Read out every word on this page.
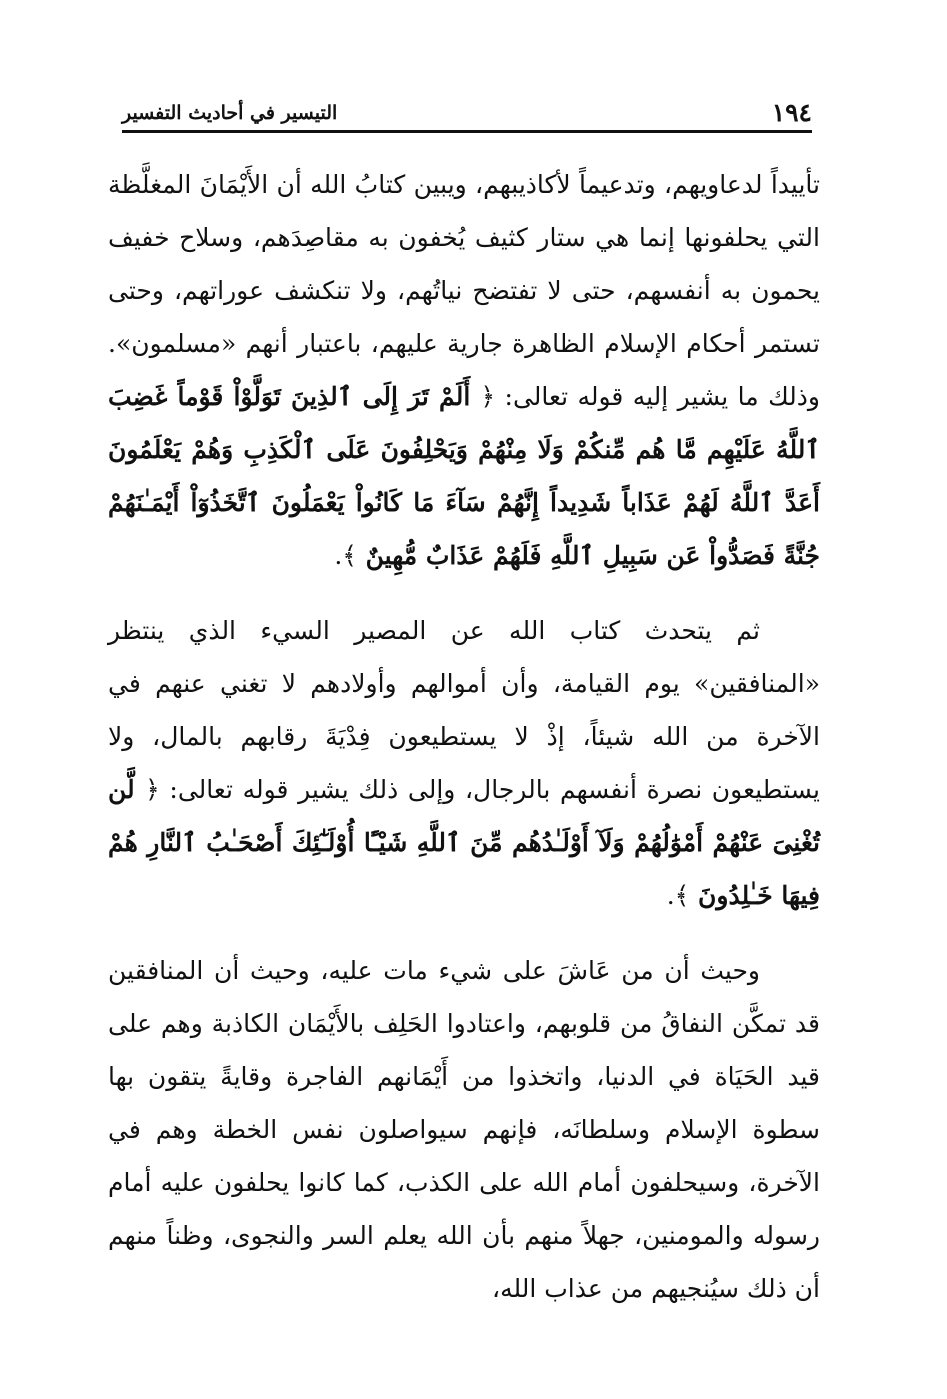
١٩٤
التيسير في أحاديث التفسير

تأييداً لدعاويهم، وتدعيماً لأكاذيبهم، ويبين كتابُ الله أن الأَيْمَانَ المغلَّظة التي يحلفونها إنما هي ستار كثيف يُخفون به مقاصِدَهم، وسلاح خفيف يحمون به أنفسهم، حتى لا تفتضح نياتُهم، ولا تنكشف عوراتهم، وحتى تستمر أحكام الإسلام الظاهرة جارية عليهم، باعتبار أنهم «مسلمون». وذلك ما يشير إليه قوله تعالى: ﴿ أَلَمْ تَرَ إِلَى ٱلذِينَ تَوَلَّوْاْ قَوْماً غَضِبَ ٱللَّهُ عَلَيْهِم مَّا هُم مِّنكُمْ وَلَا مِنْهُمْ وَيَحْلِفُونَ عَلَى ٱلْكَذِبِ وَهُمْ يَعْلَمُونَ أَعَدَّ ٱللَّهُ لَهُمْ عَذَاباً شَدِيداً إِنَّهُمْ سَآءَ مَا كَانُواْ يَعْمَلُونَ ٱتَّخَذُوٓاْ أَيْمَـٰنَهُمْ جُنَّةً فَصَدُّواْ عَن سَبِيلِ ٱللَّهِ فَلَهُمْ عَذَابٌ مُّهِينٌ ﴾.

ثم يتحدث كتاب الله عن المصير السيء الذي ينتظر «المنافقين» يوم القيامة، وأن أموالهم وأولادهم لا تغني عنهم في الآخرة من الله شيئاً، إذْ لا يستطيعون فِدْيَةَ رقابهم بالمال، ولا يستطيعون نصرة أنفسهم بالرجال، وإلى ذلك يشير قوله تعالى: ﴿ لَّن تُغْنِىَ عَنْهُمْ أَمْوَٰلُهُمْ وَلَآ أَوْلَـٰدُهُم مِّنَ ٱللَّهِ شَيْـًٔا أُوْلَـٰٓئِكَ أَصْحَـٰبُ ٱلنَّارِ هُمْ فِيهَا خَـٰلِدُونَ ﴾.

وحيث أن من عَاشَ على شيء مات عليه، وحيث أن المنافقين قد تمكَّن النفاقُ من قلوبهم، واعتادوا الحَلِف بالأَيْمَان الكاذبة وهم على قيد الحَيَاة في الدنيا، واتخذوا من أَيْمَانهم الفاجرة وقايةً يتقون بها سطوة الإسلام وسلطانَه، فإنهم سيواصلون نفس الخطة وهم في الآخرة، وسيحلفون أمام الله على الكذب، كما كانوا يحلفون عليه أمام رسوله والمومنين، جهلاً منهم بأن الله يعلم السر والنجوى، وظناً منهم أن ذلك سيُنجيهم من عذاب الله،
